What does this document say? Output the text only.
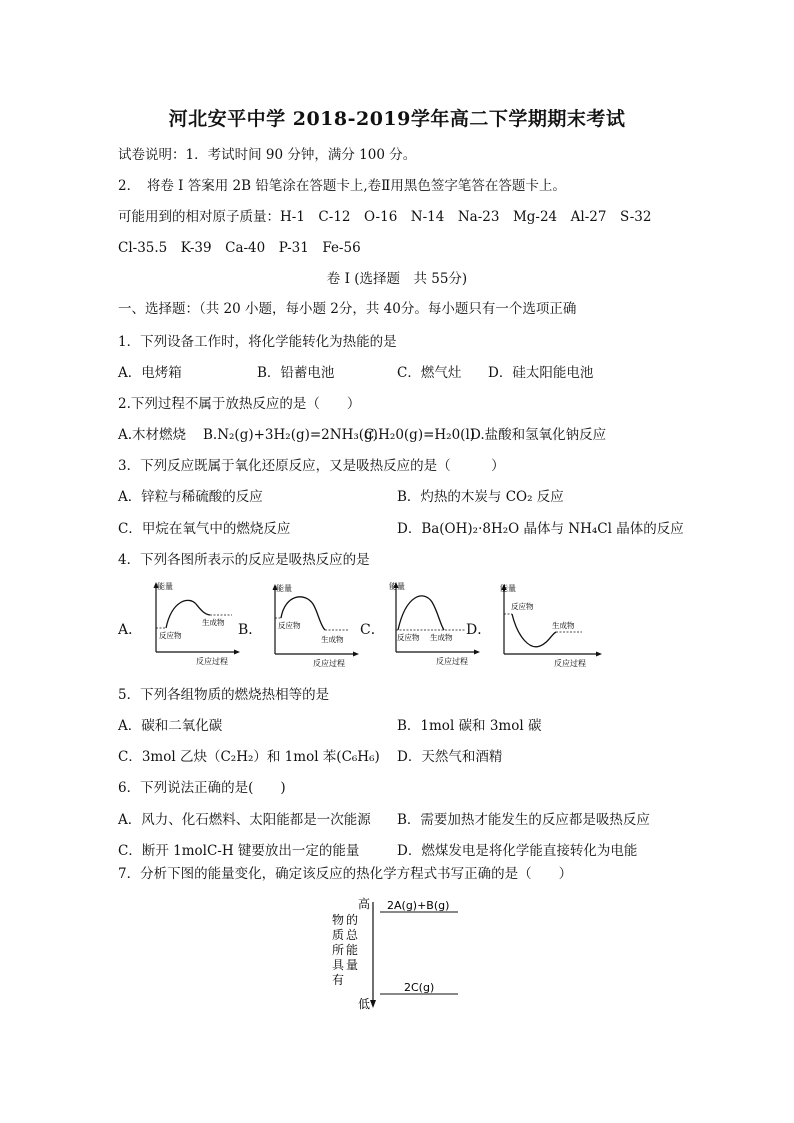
河北安平中学 2018-2019学年高二下学期期末考试
试卷说明：1．考试时间 90 分钟，满分 100 分。
2．　将卷 I 答案用 2B 铅笔涂在答题卡上,卷Ⅱ用黑色签字笔答在答题卡上。
可能用到的相对原子质量：H-1　C-12　O-16　N-14　Na-23　Mg-24　Al-27　S-32
Cl-35.5　K-39　Ca-40　P-31　Fe-56
卷 I (选择题　共 55分)
一、选择题：（共 20 小题，每小题 2分，共 40分。每小题只有一个选项正确
1．下列设备工作时，将化学能转化为热能的是
A．电烤箱	B．铅蓄电池	C．燃气灶 D．硅太阳能电池
2.下列过程不属于放热反应的是（　　）
A.木材燃烧 B.N₂(g)+3H₂(g)=2NH₃(g)
C.H₂0(g)=H₂0(l)
D.盐酸和氢氧化钠反应
3．下列反应既属于氧化还原反应，又是吸热反应的是（　　　）
A．锌粒与稀硫酸的反应	B．灼热的木炭与 CO₂ 反应
C．甲烷在氧气中的燃烧反应	D．Ba(OH)₂·8H₂O 晶体与 NH₄Cl 晶体的反应
4．下列各图所表示的反应是吸热反应的是
A．	B．	C．	D．
能量
反应物
生成物
反应过程
能量
反应物
生成物
反应过程
能量
反应物 生成物
反应过程
能量
反应物
生成物
反应过程
5．下列各组物质的燃烧热相等的是
A．碳和二氧化碳	B．1mol 碳和 3mol 碳
C．3mol 乙炔（C₂H₂）和 1mol 苯(C₆H₆) D．天然气和酒精
6．下列说法正确的是(　　)
A．风力、化石燃料、太阳能都是一次能源 B．需要加热才能发生的反应都是吸热反应
C．断开 1molC-H 键要放出一定的能量	D．燃煤发电是将化学能直接转化为电能
7．分析下图的能量变化，确定该反应的热化学方程式书写正确的是（　　）
高
低
物
质
所
具
有
的
总
能
量
2A(g)+B(g)
2C(g)
